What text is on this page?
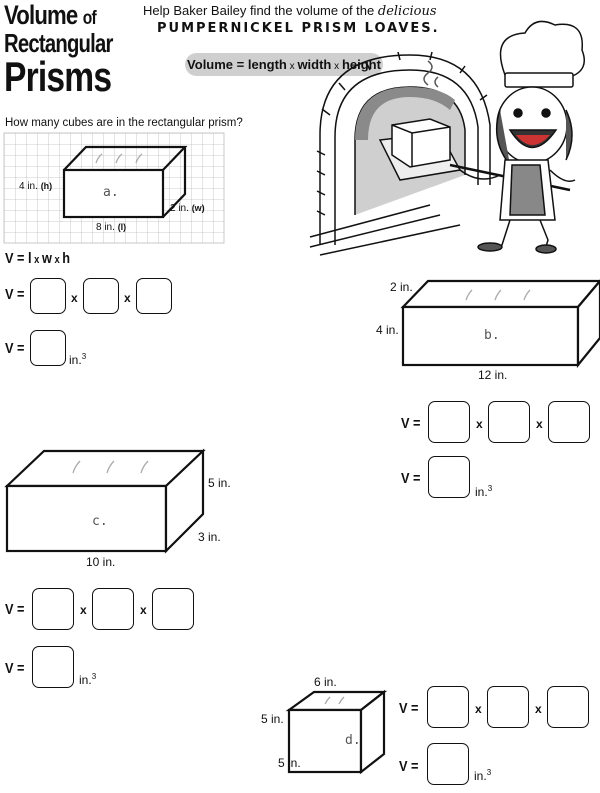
Volume of
Rectangular
Prisms
Help Baker Bailey find the volume of the delicious
PUMPERNICKEL PRISM LOAVES.
Volume = length x width x height
How many cubes are in the rectangular prism?
a.
4 in. (h)
8 in. (l)
2 in. (w)
V = l x w x h
V =	x	x
V =
in.$^3$
b.
2 in.
4 in.
12 in.
V =	x	x
V =
in.$^3$
c.
5 in.
3 in.
10 in.
V =	x	x
V =
in.$^3$
d.
6 in.
5 in.
5 in.
V =	x	x
V =
in.$^3$
